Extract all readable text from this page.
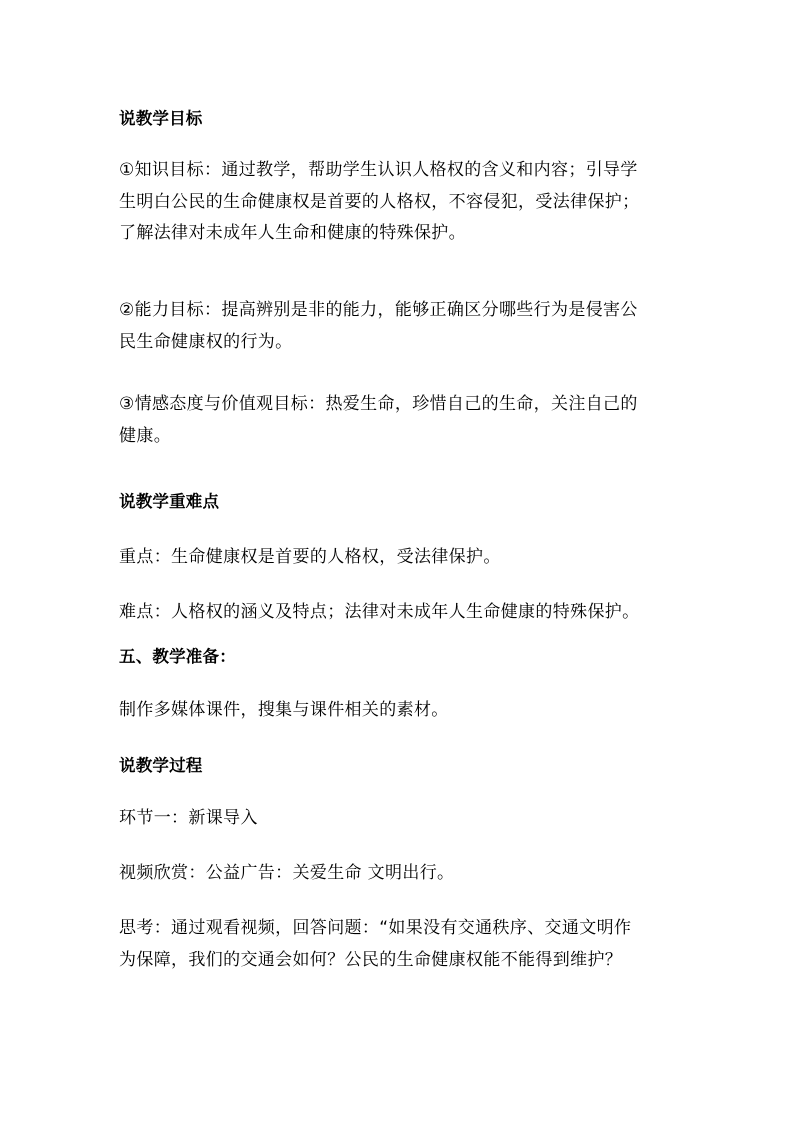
说教学目标

①知识目标：通过教学，帮助学生认识人格权的含义和内容；引导学
生明白公民的生命健康权是首要的人格权，不容侵犯，受法律保护；
了解法律对未成年人生命和健康的特殊保护。

②能力目标：提高辨别是非的能力，能够正确区分哪些行为是侵害公
民生命健康权的行为。

③情感态度与价值观目标：热爱生命，珍惜自己的生命，关注自己的
健康。

说教学重难点

重点：生命健康权是首要的人格权，受法律保护。

难点：人格权的涵义及特点；法律对未成年人生命健康的特殊保护。

五、教学准备：

制作多媒体课件，搜集与课件相关的素材。

说教学过程

环节一：新课导入

视频欣赏：公益广告：关爱生命 文明出行。

思考：通过观看视频，回答问题：“如果没有交通秩序、交通文明作
为保障，我们的交通会如何？公民的生命健康权能不能得到维护？
